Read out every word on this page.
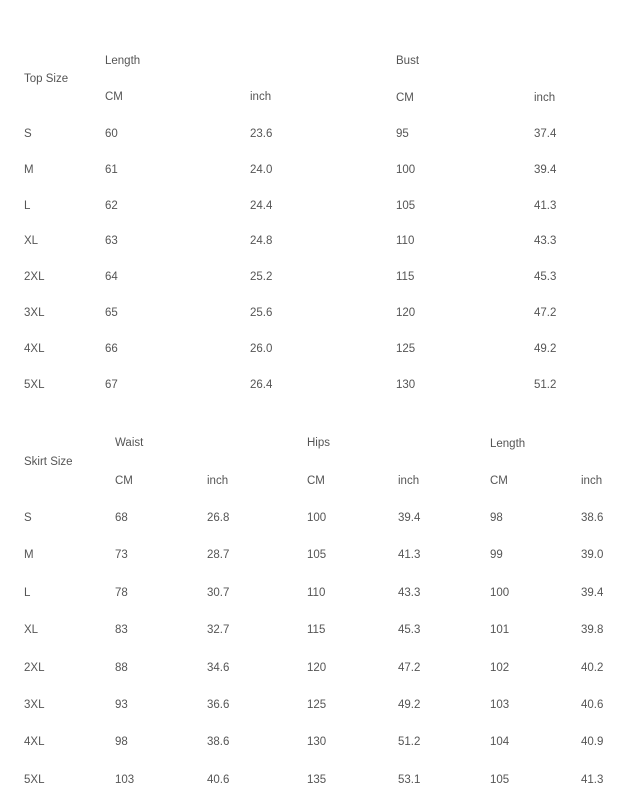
Top Size
Length	Bust
CM	inch	CM	inch
S	60	23.6	95	37.4
M	61	24.0	100	39.4
L	62	24.4	105	41.3
XL	63	24.8	110	43.3
2XL	64	25.2	115	45.3
3XL	65	25.6	120	47.2
4XL	66	26.0	125	49.2
5XL	67	26.4	130	51.2
Skirt Size
Waist	Hips	Length
CM	inch	CM	inch	CM	inch
S	68	26.8	100	39.4	98	38.6
M	73	28.7	105	41.3	99	39.0
L	78	30.7	110	43.3	100	39.4
XL	83	32.7	115	45.3	101	39.8
2XL	88	34.6	120	47.2	102	40.2
3XL	93	36.6	125	49.2	103	40.6
4XL	98	38.6	130	51.2	104	40.9
5XL	103	40.6	135	53.1	105	41.3
